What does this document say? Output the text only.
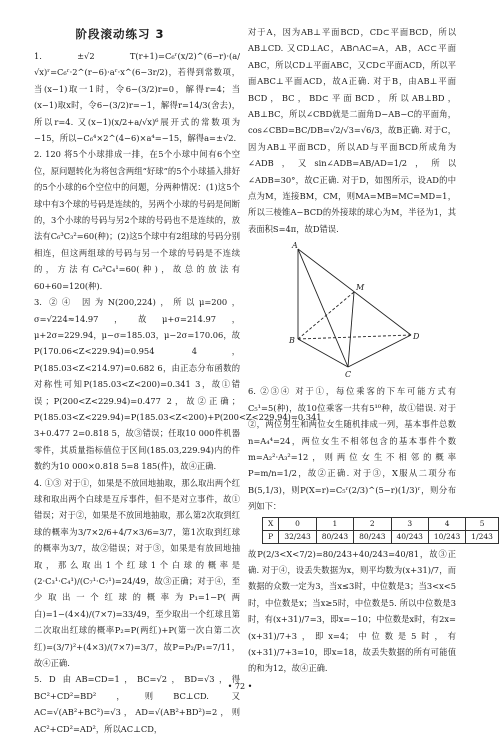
阶段滚动练习 3

1. ±√2 T(r+1)=C₆ʳ(x/2)^(6−r)·(a/√x)ʳ=C₆ʳ·2^(r−6)·aʳ·x^(6−3r/2)，若得到常数项，当(x−1)取一1时，令6−(3/2)r=0，解得r=4；当(x−1)取x时，令6−(3/2)r=−1，解得r=14/3(舍去)，所以r=4. 又(x−1)(x/2+a/√x)⁶展开式的常数项为−15，所以−C₆⁴×2^(4−6)×a⁴=−15，解得a=±√2.

2. 120 将5个小球排成一排，在5个小球中间有6个空位，原问题转化为将包含两组“好球”的5个小球插入排好的5个小球的6个空位中的问题，分两种情况：(1)这5个球中有3个球的号码是连续的，另两个小球的号码是间断的，3个小球的号码与另2个球的号码也不是连续的，放法有C₆³C₃²=60(种)；(2)这5个球中有2组球的号码分别相连，但这两组球的号码与另一个球的号码是不连续的，方法有C₆²C₄¹=60(种)，故总的放法有60+60=120(种).

3. ②④ 因为N(200,224)，所以μ=200，σ=√224≈14.97，故μ+σ=214.97，μ+2σ=229.94，μ−σ=185.03，μ−2σ=170.06，故P(170.06<Z<229.94)=0.954 4，P(185.03<Z<214.97)=0.682 6，由正态分布函数的对称性可知P(185.03<Z<200)=0.341 3，故①错误；P(200<Z<229.94)=0.477 2，故②正确；P(185.03<Z<229.94)=P(185.03<Z<200)+P(200<Z<229.94)=0.341 3+0.477 2=0.818 5，故③错误；任取10 000件机器零件，其质量指标值位于区间(185.03,229.94)内的件数约为10 000×0.818 5=8 185(件)，故④正确.

4. ①③ 对于①，如果是不放回地抽取，那么取出两个红球和取出两个白球是互斥事件，但不是对立事件，故①错误；对于②，如果是不放回地抽取，那么第2次取到红球的概率为3/7×2/6+4/7×3/6=3/7，第1次取到红球的概率为3/7，故②错误；对于③，如果是有放回地抽取，那么取出1个红球1个白球的概率是(2·C₃¹·C₄¹)/(C₇¹·C₇¹)=24/49，故③正确；对于④，至少取出一个红球的概率为P₁=1−P(两白)=1−(4×4)/(7×7)=33/49，至少取出一个红球且第二次取出红球的概率P₂=P(两红)+P(第一次白第二次红)=(3/7)²+(4×3)/(7×7)=3/7，故P=P₂/P₁=7/11，故④正确.

5. D 由AB=CD=1，BC=√2，BD=√3，得BC²+CD²=BD²，则BC⊥CD. 又AC=√(AB²+BC²)=√3，AD=√(AB²+BD²)=2，则AC²+CD²=AD²，所以AC⊥CD，

对于A，因为AB⊥平面BCD，CD⊂平面BCD，所以AB⊥CD. 又CD⊥AC，AB∩AC=A，AB，AC⊂平面ABC，所以CD⊥平面ABC，又CD⊂平面ACD，所以平面ABC⊥平面ACD，故A正确. 对于B，由AB⊥平面BCD，BC，BD⊂平面BCD，所以AB⊥BD，AB⊥BC，所以∠CBD就是二面角D−AB−C的平面角，cos∠CBD=BC/DB=√2/√3=√6/3，故B正确. 对于C，因为AB⊥平面BCD，所以AD与平面BCD所成角为∠ADB，又sin∠ADB=AB/AD=1/2，所以∠ADB=30°，故C正确. 对于D，如图所示，设AD的中点为M，连接BM，CM，则MA=MB=MC=MD=1，所以三棱锥A−BCD的外接球的球心为M，半径为1，其表面积S=4π，故D错误.

A
M
B
C
D

6. ②③④ 对于①，每位乘客的下车可能方式有C₅¹=5(种)，故10位乘客一共有5¹⁰种，故①错误. 对于②，两位男生和两位女生随机排成一列，基本事件总数n=A₄⁴=24，两位女生不相邻包含的基本事件个数m=A₂²·A₃²=12，则两位女生不相邻的概率P=m/n=1/2，故②正确. 对于③，X服从二项分布B(5,1/3)，则P(X=r)=C₅ʳ(2/3)^(5−r)(1/3)ʳ，则分布列如下：

X	0	1	2	3	4	5
P	32/243	80/243	80/243	40/243	10/243	1/243

故P(2/3<X<7/2)=80/243+40/243=40/81，故③正确. 对于④，设丢失数据为x，则平均数为(x+31)/7，而数据的众数一定为3，当x≤3时，中位数是3；当3<x<5时，中位数是x；当x≥5时，中位数是5. 所以中位数是3时，有(x+31)/7=3，即x=−10；中位数是x时，有2x=(x+31)/7+3，即x=4；中位数是5时，有(x+31)/7+3=10，即x=18，故丢失数据的所有可能值的和为12，故④正确.

• 72 •
